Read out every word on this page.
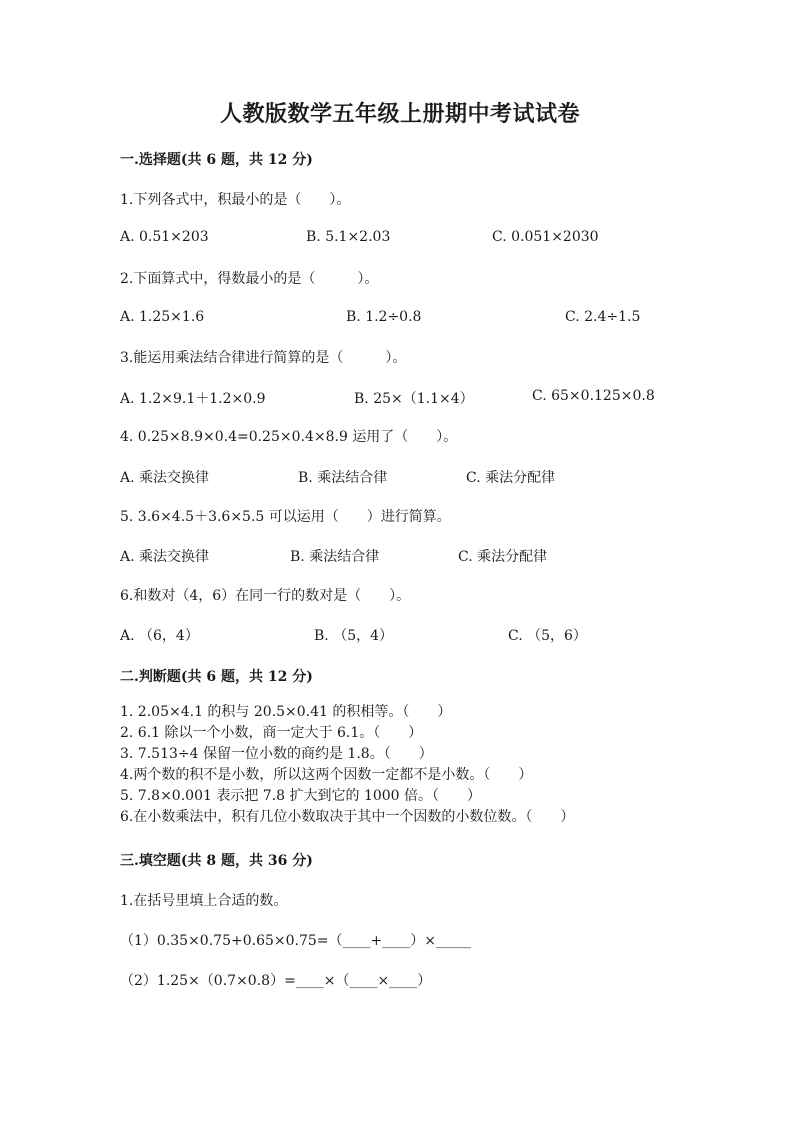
人教版数学五年级上册期中考试试卷
一.选择题(共 6 题，共 12 分)
1.下列各式中，积最小的是（　　）。
A. 0.51×203	B. 5.1×2.03	C. 0.051×2030
2.下面算式中，得数最小的是（　　　）。
A. 1.25×1.6	B. 1.2÷0.8	C. 2.4÷1.5
3.能运用乘法结合律进行简算的是（　　　）。
A. 1.2×9.1＋1.2×0.9	B. 25×（1.1×4）	C. 65×0.125×0.8
4. 0.25×8.9×0.4=0.25×0.4×8.9 运用了（　　）。
A. 乘法交换律	B. 乘法结合律	C. 乘法分配律
5. 3.6×4.5＋3.6×5.5 可以运用（　　）进行简算。
A. 乘法交换律	B. 乘法结合律	C. 乘法分配律
6.和数对（4，6）在同一行的数对是（　　）。
A. （6，4）	B. （5，4）	C. （5，6）
二.判断题(共 6 题，共 12 分)
1. 2.05×4.1 的积与 20.5×0.41 的积相等。（　　）
2. 6.1 除以一个小数，商一定大于 6.1。（　　）
3. 7.513÷4 保留一位小数的商约是 1.8。（　　）
4.两个数的积不是小数，所以这两个因数一定都不是小数。（　　）
5. 7.8×0.001 表示把 7.8 扩大到它的 1000 倍。（　　）
6.在小数乘法中，积有几位小数取决于其中一个因数的小数位数。（　　）
三.填空题(共 8 题，共 36 分)
1.在括号里填上合适的数。
（1）0.35×0.75+0.65×0.75=（____+____）×_____
（2）1.25×（0.7×0.8）=____×（____×____）
